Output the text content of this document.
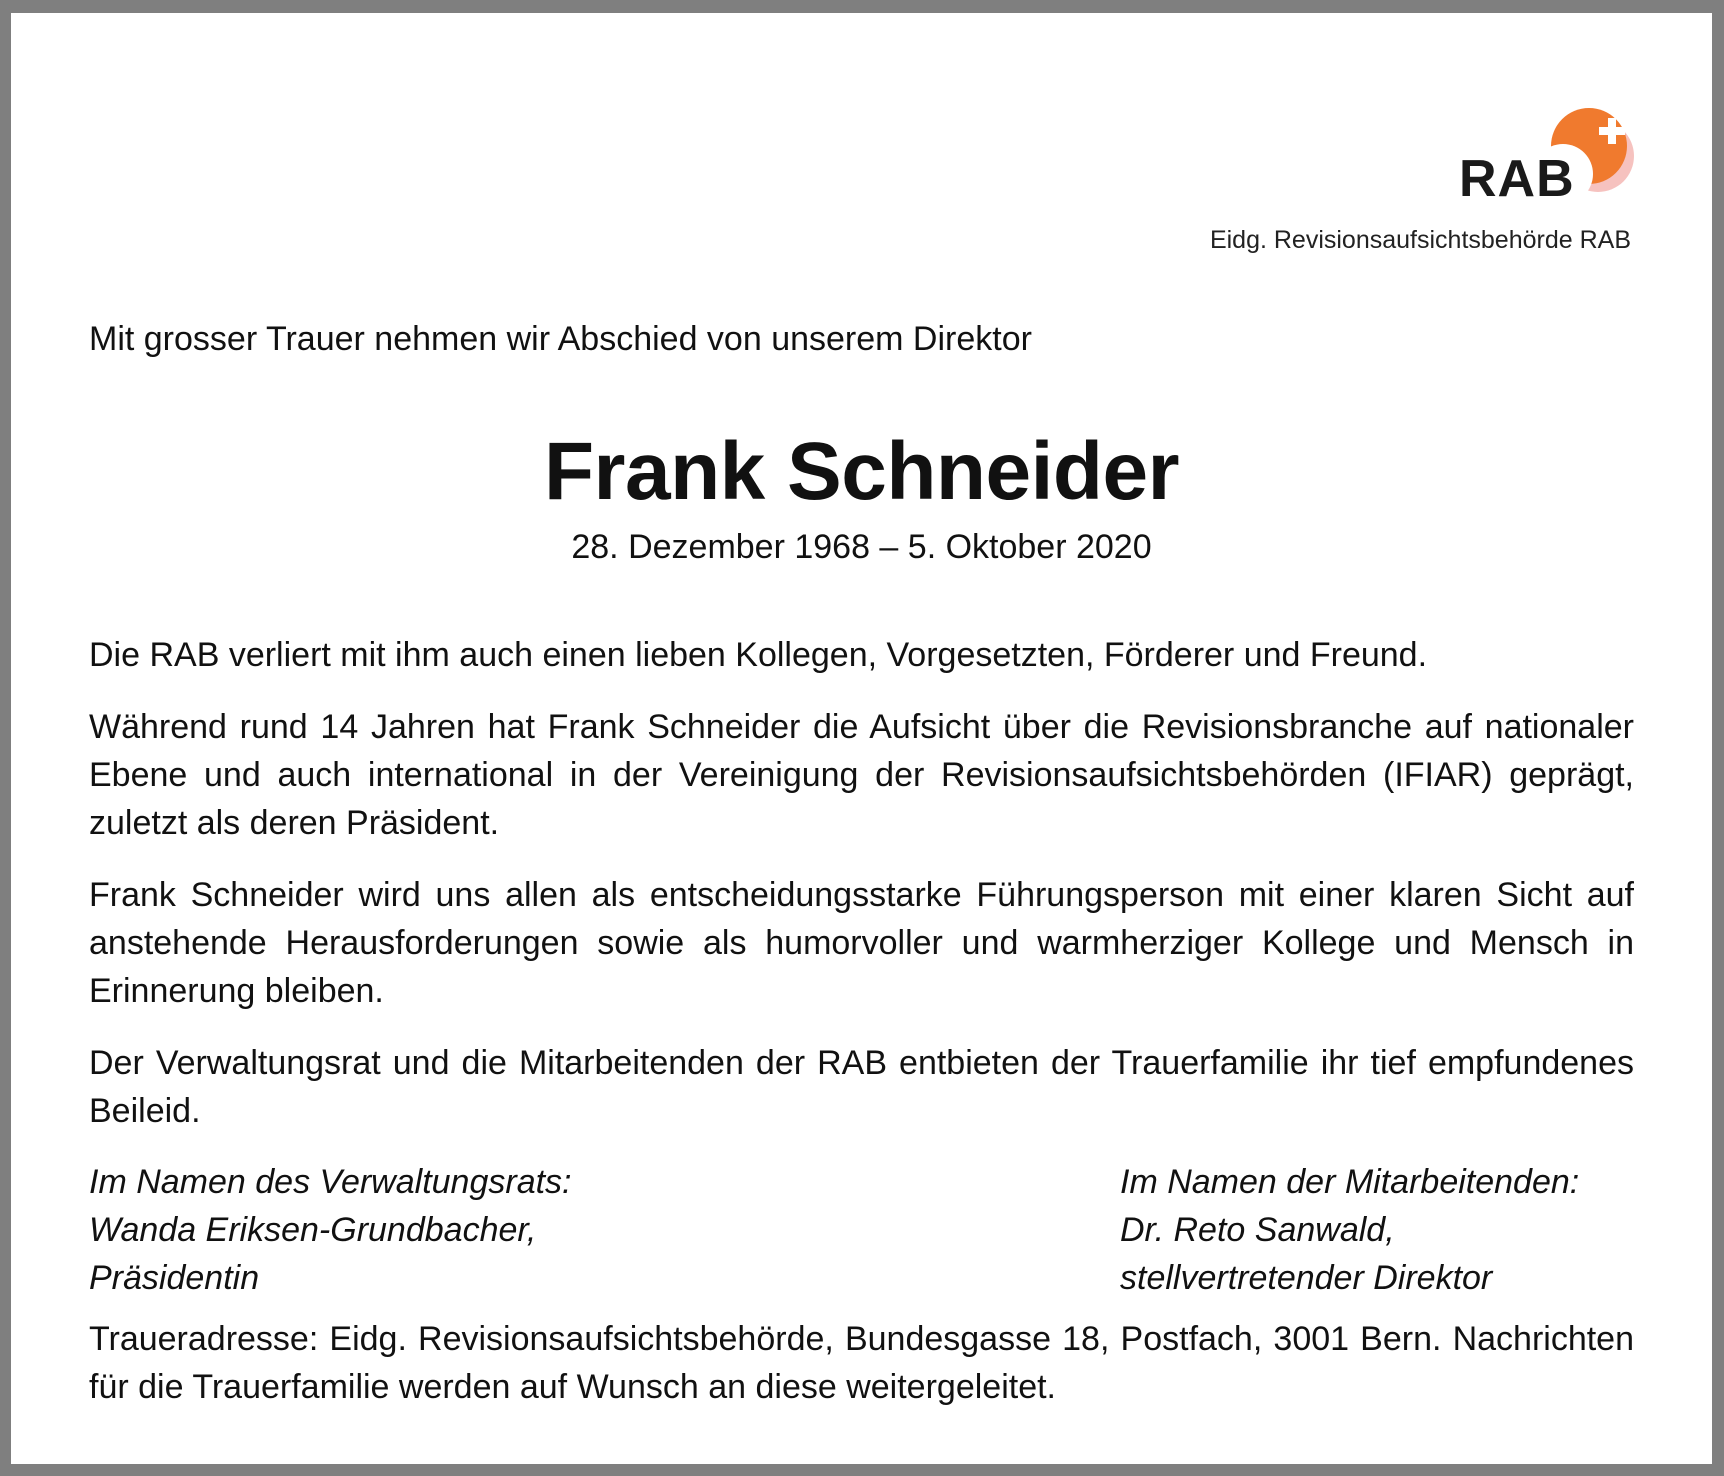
RAB
Eidg. Revisionsaufsichtsbehörde RAB
Mit grosser Trauer nehmen wir Abschied von unserem Direktor
Frank Schneider
28. Dezember 1968 – 5. Oktober 2020
Die RAB verliert mit ihm auch einen lieben Kollegen, Vorgesetzten, Förderer und Freund.
Während rund 14 Jahren hat Frank Schneider die Aufsicht über die Revisionsbranche auf nationaler Ebene und auch international in der Vereinigung der Revisionsaufsichtsbehörden (IFIAR) geprägt, zuletzt als deren Präsident.
Frank Schneider wird uns allen als entscheidungsstarke Führungsperson mit einer klaren Sicht auf anstehende Herausforderungen sowie als humorvoller und warmherziger Kollege und Mensch in Erinnerung bleiben.
Der Verwaltungsrat und die Mitarbeitenden der RAB entbieten der Trauerfamilie ihr tief empfundenes Beileid.
Im Namen des Verwaltungsrats:
Wanda Eriksen-Grundbacher,
Präsidentin
Im Namen der Mitarbeitenden:
Dr. Reto Sanwald,
stellvertretender Direktor
Traueradresse: Eidg. Revisionsaufsichtsbehörde, Bundesgasse 18, Postfach, 3001 Bern. Nachrichten für die Trauerfamilie werden auf Wunsch an diese weitergeleitet.
